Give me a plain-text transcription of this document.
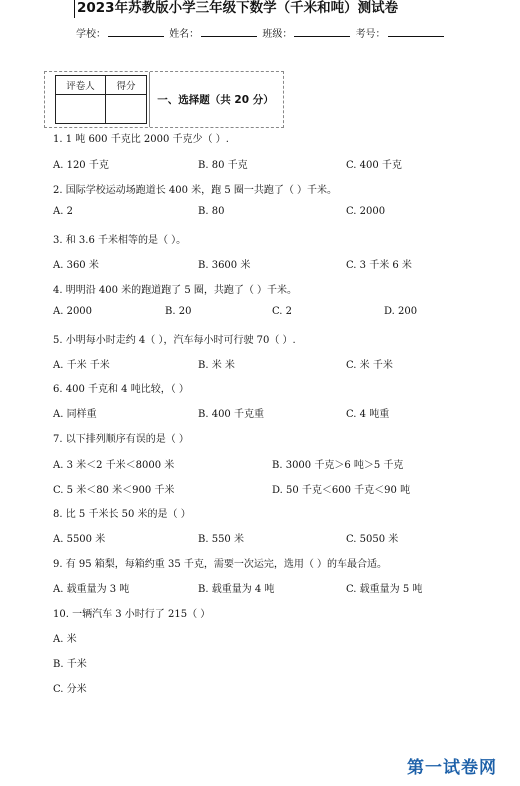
2023年苏教版小学三年级下数学（千米和吨）测试卷
学校：	姓名：	班级：	考号：
评卷人	得分

一、选择题（共 20 分）
1. 1 吨 600 千克比 2000 千克少（ ）.
A. 120 千克	B. 80 千克	C. 400 千克
2. 国际学校运动场跑道长 400 米，跑 5 圈一共跑了（ ）千米。
A. 2	B. 80	C. 2000
3. 和 3.6 千米相等的是（ ）。
A. 360 米	B. 3600 米	C. 3 千米 6 米
4. 明明沿 400 米的跑道跑了 5 圈，共跑了（ ）千米。
A. 2000	B. 20	C. 2	D. 200
5. 小明每小时走约 4（ ），汽车每小时可行驶 70（ ）.
A. 千米 千米	B. 米 米	C. 米 千米
6. 400 千克和 4 吨比较，（ ）
A. 同样重	B. 400 千克重	C. 4 吨重
7. 以下排列顺序有误的是（ ）
A. 3 米＜2 千米＜8000 米	B. 3000 千克＞6 吨＞5 千克
C. 5 米＜80 米＜900 千米	D. 50 千克＜600 千克＜90 吨
8. 比 5 千米长 50 米的是（ ）
A. 5500 米	B. 550 米	C. 5050 米
9. 有 95 箱梨，每箱约重 35 千克，需要一次运完，选用（ ）的车最合适。
A. 载重量为 3 吨	B. 载重量为 4 吨	C. 载重量为 5 吨
10. 一辆汽车 3 小时行了 215（ ）
A. 米
B. 千米
C. 分米
第一试卷网
